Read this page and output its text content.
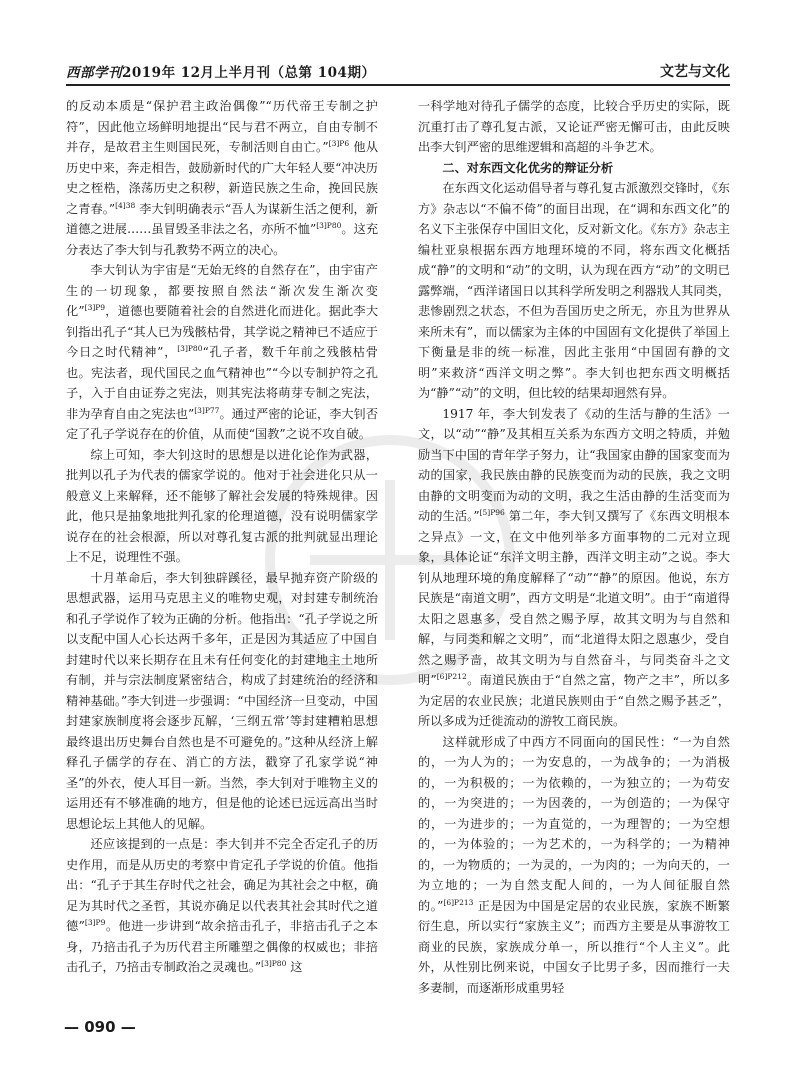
西部学刊2019年 12月上半月刊（总第 104期）	文艺与文化

的反动本质是“保护君主政治偶像”“历代帝王专制之护符”，因此他立场鲜明地提出“民与君不两立，自由专制不并存，是故君主生则国民死，专制活则自由亡。”$^{[3]P6}$ 他从历史中来，奔走相告，鼓励新时代的广大年轻人要“冲决历史之桎梏，涤荡历史之积秽，新造民族之生命，挽回民族之青春。”$^{[4]38}$ 李大钊明确表示“吾人为谋新生活之便利，新道德之进展……虽冒毁圣非法之名，亦所不恤”$^{[3]P80}$。这充分表达了李大钊与孔教势不两立的决心。

李大钊认为宇宙是“无始无终的自然存在”，由宇宙产生的一切现象，都要按照自然法“渐次发生渐次变化”$^{[3]P9}$，道德也要随着社会的自然进化而进化。据此李大钊指出孔子“其人已为残骸枯骨，其学说之精神已不适应于今日之时代精神”，$^{[3]P80}$“孔子者，数千年前之残骸枯骨也。宪法者，现代国民之血气精神也”“今以专制护符之孔子，入于自由证券之宪法，则其宪法将萌芽专制之宪法，非为孕育自由之宪法也”$^{[3]P77}$。通过严密的论证，李大钊否定了孔子学说存在的价值，从而使“国教”之说不攻自破。

综上可知，李大钊这时的思想是以进化论作为武器，批判以孔子为代表的儒家学说的。他对于社会进化只从一般意义上来解释，还不能够了解社会发展的特殊规律。因此，他只是抽象地批判孔家的伦理道德，没有说明儒家学说存在的社会根源，所以对尊孔复古派的批判就显出理论上不足，说理性不强。

十月革命后，李大钊独辟蹊径，最早抛弃资产阶级的思想武器，运用马克思主义的唯物史观，对封建专制统治和孔子学说作了较为正确的分析。他指出：“孔子学说之所以支配中国人心长达两千多年，正是因为其适应了中国自封建时代以来长期存在且未有任何变化的封建地主土地所有制，并与宗法制度紧密结合，构成了封建统治的经济和精神基础。”李大钊进一步强调：“中国经济一旦变动，中国封建家族制度将会逐步瓦解，‘三纲五常’等封建糟粕思想最终退出历史舞台自然也是不可避免的。”这种从经济上解释孔子儒学的存在、消亡的方法，戳穿了孔家学说“神圣”的外衣，使人耳目一新。当然，李大钊对于唯物主义的运用还有不够准确的地方，但是他的论述已远远高出当时思想论坛上其他人的见解。

还应该提到的一点是：李大钊并不完全否定孔子的历史作用，而是从历史的考察中肯定孔子学说的价值。他指出：“孔子于其生存时代之社会，确足为其社会之中枢，确足为其时代之圣哲，其说亦确足以代表其社会其时代之道德”$^{[3]P9}$。他进一步讲到“故余掊击孔子，非掊击孔子之本身，乃掊击孔子为历代君主所雕塑之偶像的权威也；非掊击孔子，乃掊击专制政治之灵魂也。”$^{[3]P80}$ 这

一科学地对待孔子儒学的态度，比较合乎历史的实际，既沉重打击了尊孔复古派，又论证严密无懈可击，由此反映出李大钊严密的思维逻辑和高超的斗争艺术。

二、对东西文化优劣的辩证分析

在东西文化运动倡导者与尊孔复古派激烈交锋时，《东方》杂志以“不偏不倚”的面目出现，在“调和东西文化”的名义下主张保存中国旧文化，反对新文化。《东方》杂志主编杜亚泉根据东西方地理环境的不同，将东西文化概括成“静”的文明和“动”的文明，认为现在西方“动”的文明已露弊端，“西洋诸国日以其科学所发明之利器戕人其同类，悲惨剧烈之状态，不但为吾国历史之所无，亦且为世界从来所未有”，而以儒家为主体的中国固有文化提供了举国上下衡量是非的统一标准，因此主张用“中国固有静的文明”来救济“西洋文明之弊”。李大钊也把东西文明概括为“静”“动”的文明，但比较的结果却迥然有异。

1917 年，李大钊发表了《动的生活与静的生活》一文，以“动”“静”及其相互关系为东西方文明之特质，并勉励当下中国的青年学子努力，让“我国家由静的国家变而为动的国家，我民族由静的民族变而为动的民族，我之文明由静的文明变而为动的文明，我之生活由静的生活变而为动的生活。”$^{[5]P96}$ 第二年，李大钊又撰写了《东西文明根本之异点》一文，在文中他列举多方面事物的二元对立现象，具体论证“东洋文明主静，西洋文明主动”之说。李大钊从地理环境的角度解释了“动”“静”的原因。他说，东方民族是“南道文明”，西方文明是“北道文明”。由于“南道得太阳之恩惠多，受自然之赐予厚，故其文明为与自然和解，与同类和解之文明”，而“北道得太阳之恩惠少，受自然之赐予啬，故其文明为与自然奋斗，与同类奋斗之文明”$^{[6]P212}$。南道民族由于“自然之富，物产之丰”，所以多为定居的农业民族；北道民族则由于“自然之赐予甚乏”，所以多成为迁徙流动的游牧工商民族。

这样就形成了中西方不同面向的国民性：“一为自然的，一为人为的；一为安息的，一为战争的；一为消极的，一为积极的；一为依赖的，一为独立的；一为苟安的，一为突进的；一为因袭的，一为创造的；一为保守的，一为进步的；一为直觉的，一为理智的；一为空想的，一为体验的；一为艺术的，一为科学的；一为精神的，一为物质的；一为灵的，一为肉的；一为向天的，一为立地的；一为自然支配人间的，一为人间征服自然的。”$^{[6]P213}$ 正是因为中国是定居的农业民族，家族不断繁衍生息，所以实行“家族主义”；而西方主要是从事游牧工商业的民族，家族成分单一，所以推行“个人主义”。此外，从性别比例来说，中国女子比男子多，因而推行一夫多妻制，而逐渐形成重男轻

— 090 —
